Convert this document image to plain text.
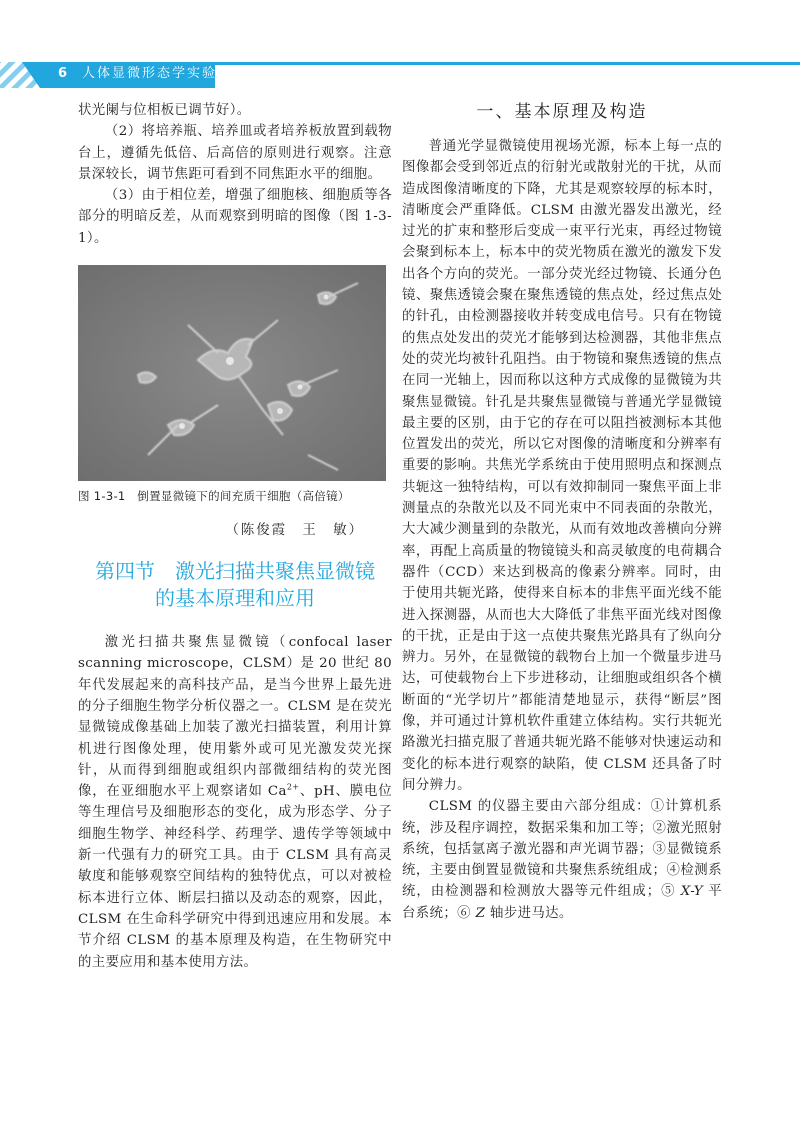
6 人体显微形态学实验

状光阑与位相板已调节好）。

（2）将培养瓶、培养皿或者培养板放置到载物台上，遵循先低倍、后高倍的原则进行观察。注意景深较长，调节焦距可看到不同焦距水平的细胞。

（3）由于相位差，增强了细胞核、细胞质等各部分的明暗反差，从而观察到明暗的图像（图 1-3-1）。

图 1-3-1　倒置显微镜下的间充质干细胞（高倍镜）
（陈俊霞　王　敏）
第四节　激光扫描共聚焦显微镜
的基本原理和应用

激光扫描共聚焦显微镜（confocal laser scanning microscope，CLSM）是 20 世纪 80 年代发展起来的高科技产品，是当今世界上最先进的分子细胞生物学分析仪器之一。CLSM 是在荧光显微镜成像基础上加装了激光扫描装置，利用计算机进行图像处理，使用紫外或可见光激发荧光探针，从而得到细胞或组织内部微细结构的荧光图像，在亚细胞水平上观察诸如 $Ca^{2+}$、pH、膜电位等生理信号及细胞形态的变化，成为形态学、分子细胞生物学、神经科学、药理学、遗传学等领域中新一代强有力的研究工具。由于 CLSM 具有高灵敏度和能够观察空间结构的独特优点，可以对被检标本进行立体、断层扫描以及动态的观察，因此，CLSM 在生命科学研究中得到迅速应用和发展。本节介绍 CLSM 的基本原理及构造，在生物研究中的主要应用和基本使用方法。

一、基本原理及构造

普通光学显微镜使用视场光源，标本上每一点的图像都会受到邻近点的衍射光或散射光的干扰，从而造成图像清晰度的下降，尤其是观察较厚的标本时，清晰度会严重降低。CLSM 由激光器发出激光，经过光的扩束和整形后变成一束平行光束，再经过物镜会聚到标本上，标本中的荧光物质在激光的激发下发出各个方向的荧光。一部分荧光经过物镜、长通分色镜、聚焦透镜会聚在聚焦透镜的焦点处，经过焦点处的针孔，由检测器接收并转变成电信号。只有在物镜的焦点处发出的荧光才能够到达检测器，其他非焦点处的荧光均被针孔阻挡。由于物镜和聚焦透镜的焦点在同一光轴上，因而称以这种方式成像的显微镜为共聚焦显微镜。针孔是共聚焦显微镜与普通光学显微镜最主要的区别，由于它的存在可以阻挡被测标本其他位置发出的荧光，所以它对图像的清晰度和分辨率有重要的影响。共焦光学系统由于使用照明点和探测点共轭这一独特结构，可以有效抑制同一聚焦平面上非测量点的杂散光以及不同光束中不同表面的杂散光，大大减少测量到的杂散光，从而有效地改善横向分辨率，再配上高质量的物镜镜头和高灵敏度的电荷耦合器件（CCD）来达到极高的像素分辨率。同时，由于使用共轭光路，使得来自标本的非焦平面光线不能进入探测器，从而也大大降低了非焦平面光线对图像的干扰，正是由于这一点使共聚焦光路具有了纵向分辨力。另外，在显微镜的载物台上加一个微量步进马达，可使载物台上下步进移动，让细胞或组织各个横断面的“光学切片”都能清楚地显示，获得“断层”图像，并可通过计算机软件重建立体结构。实行共轭光路激光扫描克服了普通共轭光路不能够对快速运动和变化的标本进行观察的缺陷，使 CLSM 还具备了时间分辨力。

CLSM 的仪器主要由六部分组成：①计算机系统，涉及程序调控，数据采集和加工等；②激光照射系统，包括氩离子激光器和声光调节器；③显微镜系统，主要由倒置显微镜和共聚焦系统组成；④检测系统，由检测器和检测放大器等元件组成；⑤ X-Y 平台系统；⑥ Z 轴步进马达。
